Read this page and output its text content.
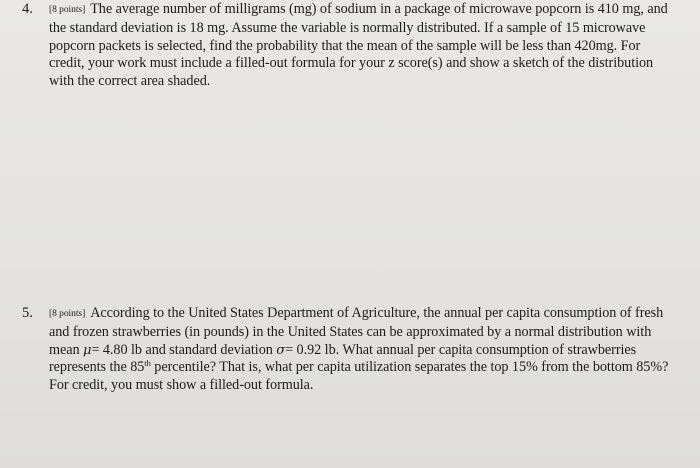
4.	[8 points] The average number of milligrams (mg) of sodium in a package of microwave popcorn is 410 mg, and
the standard deviation is 18 mg. Assume the variable is normally distributed. If a sample of 15 microwave
popcorn packets is selected, find the probability that the mean of the sample will be less than 420mg. For
credit, your work must include a filled-out formula for your z score(s) and show a sketch of the distribution
with the correct area shaded.
5.	[8 points] According to the United States Department of Agriculture, the annual per capita consumption of fresh
and frozen strawberries (in pounds) in the United States can be approximated by a normal distribution with
mean μ= 4.80 lb and standard deviation σ= 0.92 lb. What annual per capita consumption of strawberries
represents the 85th percentile? That is, what per capita utilization separates the top 15% from the bottom 85%?
For credit, you must show a filled-out formula.
